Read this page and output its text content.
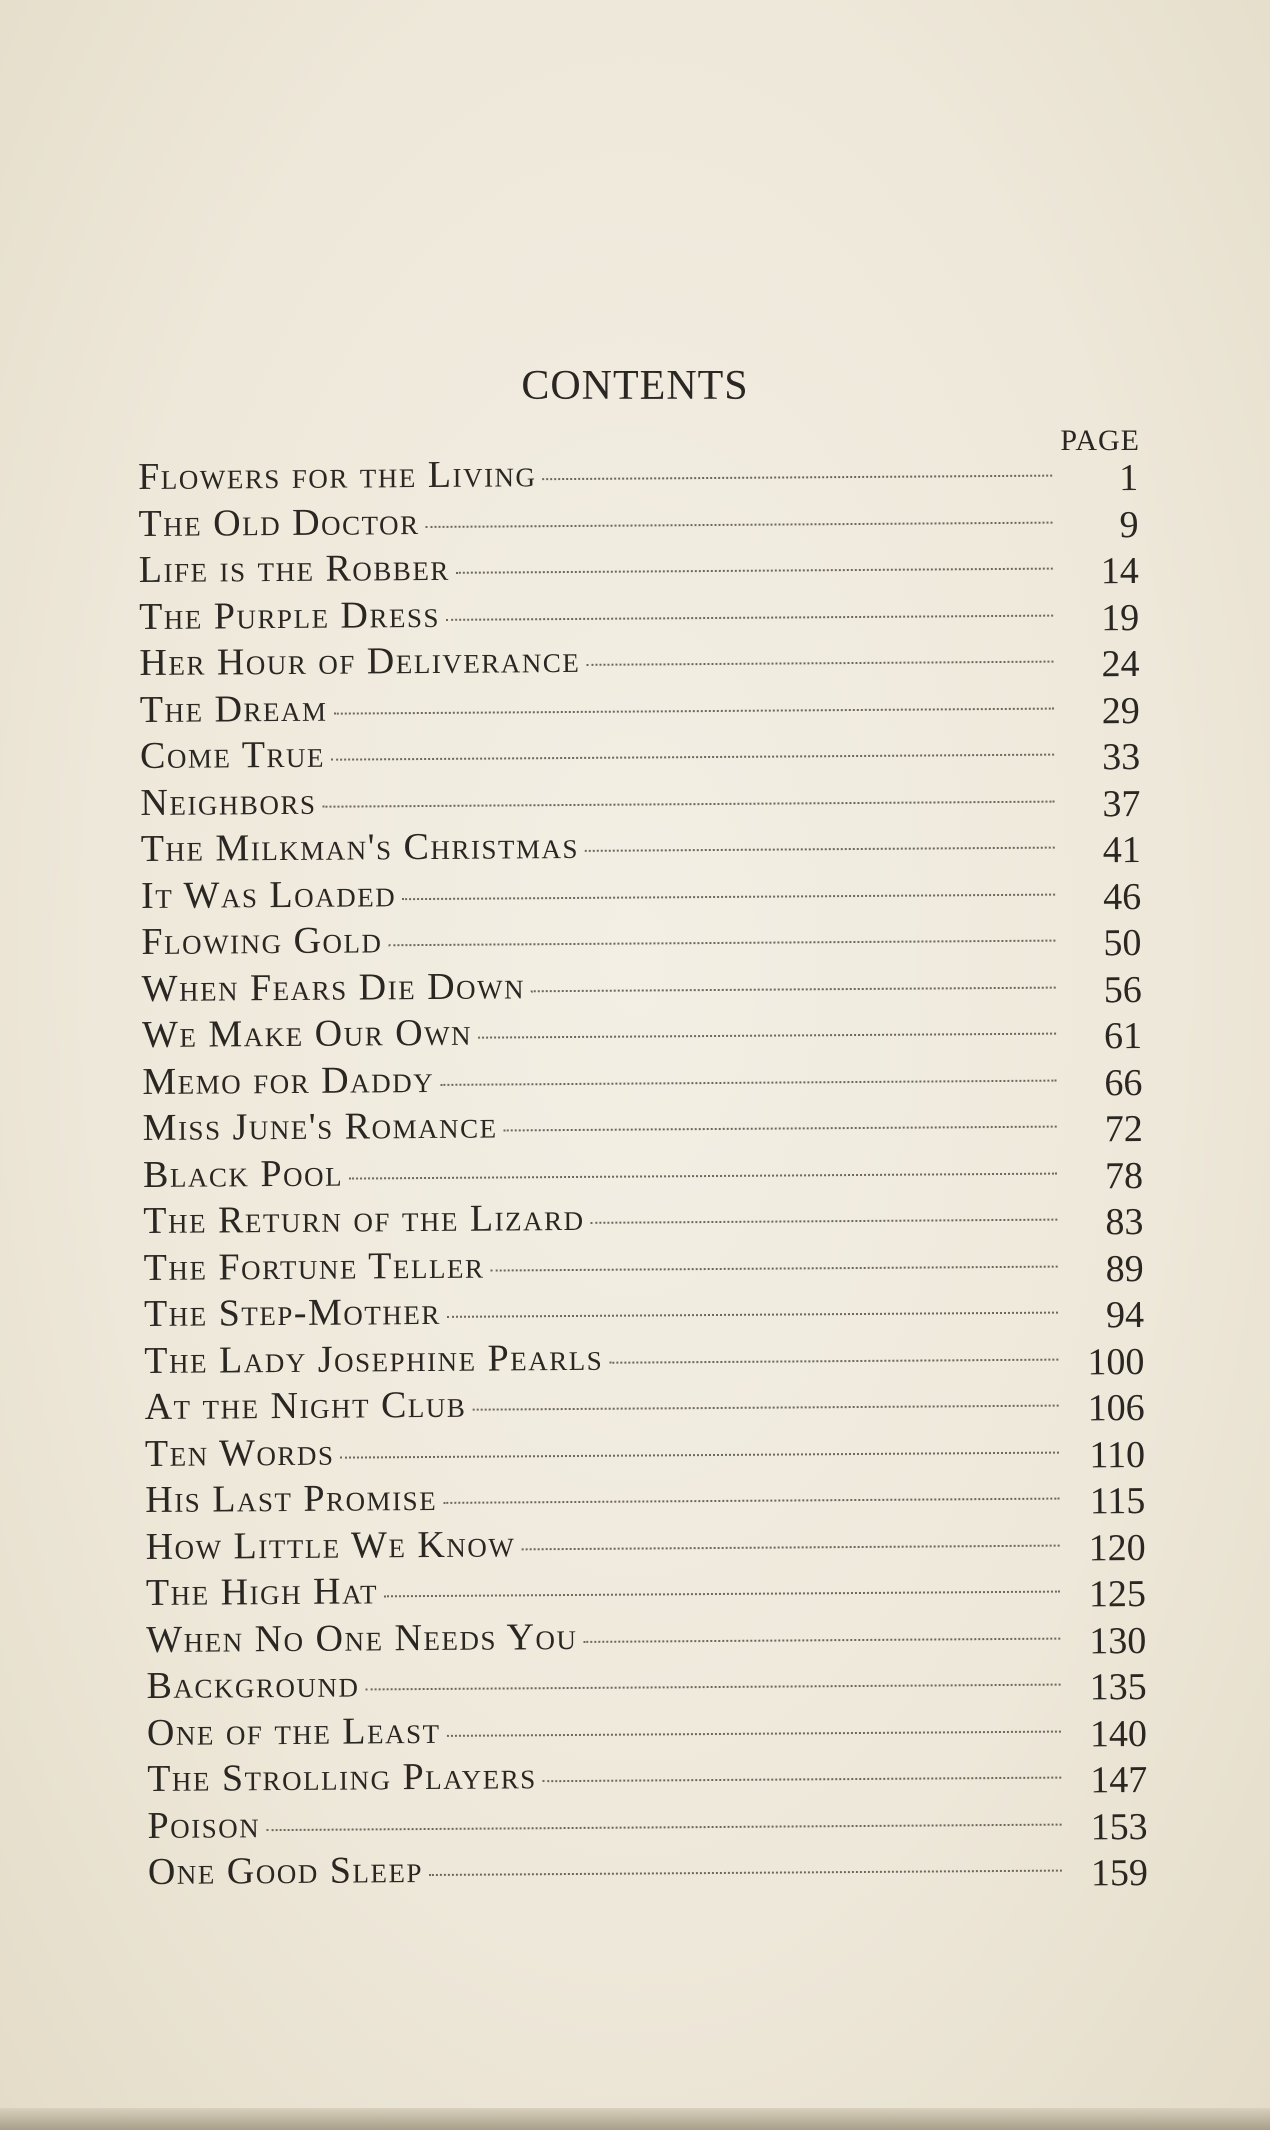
CONTENTS
PAGE
Flowers for the Living	1
The Old Doctor	9
Life is the Robber	14
The Purple Dress	19
Her Hour of Deliverance	24
The Dream	29
Come True	33
Neighbors	37
The Milkman's Christmas	41
It Was Loaded	46
Flowing Gold	50
When Fears Die Down	56
We Make Our Own	61
Memo for Daddy	66
Miss June's Romance	72
Black Pool	78
The Return of the Lizard	83
The Fortune Teller	89
The Step-Mother	94
The Lady Josephine Pearls	100
At the Night Club	106
Ten Words	110
His Last Promise	115
How Little We Know	120
The High Hat	125
When No One Needs You	130
Background	135
One of the Least	140
The Strolling Players	147
Poison	153
One Good Sleep	159
